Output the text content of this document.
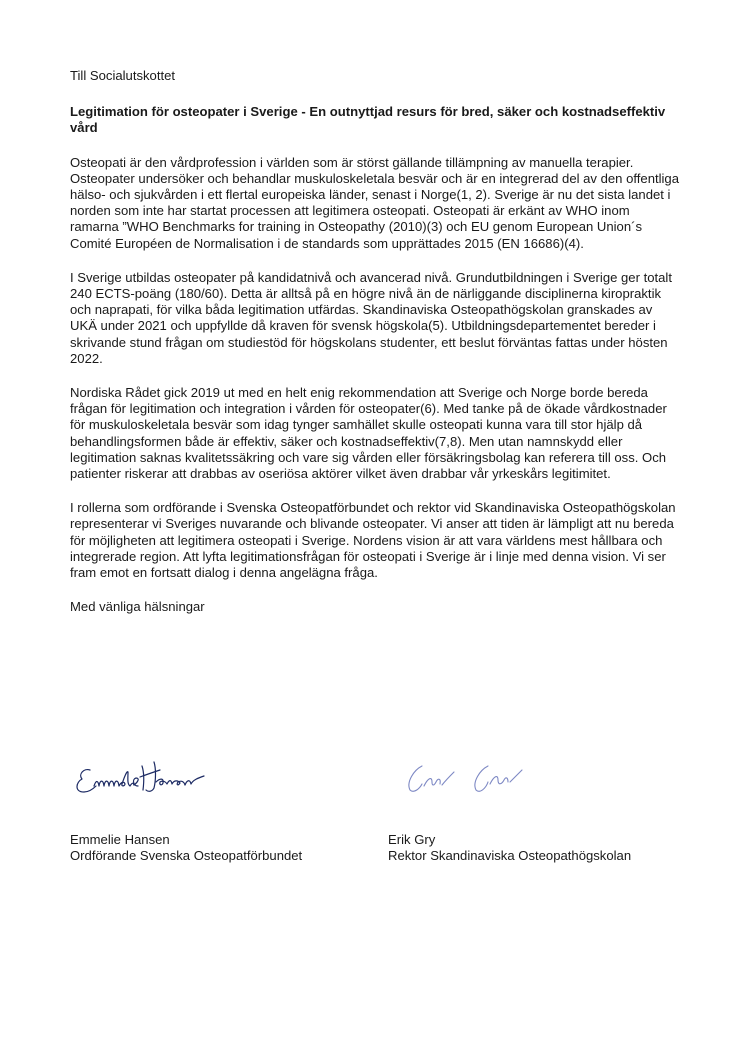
Till Socialutskottet

Legitimation för osteopater i Sverige - En outnyttjad resurs för bred, säker och kostnadseffektiv vård

Osteopati är den vårdprofession i världen som är störst gällande tillämpning av manuella terapier. Osteopater undersöker och behandlar muskuloskeletala besvär och är en integrerad del av den offentliga hälso- och sjukvården i ett flertal europeiska länder, senast i Norge(1, 2). Sverige är nu det sista landet i norden som inte har startat processen att legitimera osteopati. Osteopati är erkänt av WHO inom ramarna ”WHO Benchmarks for training in Osteopathy (2010)(3) och EU genom European Union´s Comité Européen de Normalisation i de standards som upprättades 2015 (EN 16686)(4).

I Sverige utbildas osteopater på kandidatnivå och avancerad nivå. Grundutbildningen i Sverige ger totalt 240 ECTS-poäng (180/60). Detta är alltså på en högre nivå än de närliggande disciplinerna kiropraktik och naprapati, för vilka båda legitimation utfärdas. Skandinaviska Osteopathögskolan granskades av UKÄ under 2021 och uppfyllde då kraven för svensk högskola(5). Utbildningsdepartementet bereder i skrivande stund frågan om studiestöd för högskolans studenter, ett beslut förväntas fattas under hösten 2022.

Nordiska Rådet gick 2019 ut med en helt enig rekommendation att Sverige och Norge borde bereda frågan för legitimation och integration i vården för osteopater(6). Med tanke på de ökade vårdkostnader för muskuloskeletala besvär som idag tynger samhället skulle osteopati kunna vara till stor hjälp då behandlingsformen både är effektiv, säker och kostnadseffektiv(7,8). Men utan namnskydd eller legitimation saknas kvalitetssäkring och vare sig vården eller försäkringsbolag kan referera till oss. Och patienter riskerar att drabbas av oseriösa aktörer vilket även drabbar vår yrkeskårs legitimitet.

I rollerna som ordförande i Svenska Osteopatförbundet och rektor vid Skandinaviska Osteopathögskolan representerar vi Sveriges nuvarande och blivande osteopater. Vi anser att tiden är lämpligt att nu bereda för möjligheten att legitimera osteopati i Sverige. Nordens vision är att vara världens mest hållbara och integrerade region. Att lyfta legitimationsfrågan för osteopati i Sverige är i linje med denna vision. Vi ser fram emot en fortsatt dialog i denna angelägna fråga.

Med vänliga hälsningar

Emmelie Hansen
Ordförande Svenska Osteopatförbundet
Erik Gry
Rektor Skandinaviska Osteopathögskolan
